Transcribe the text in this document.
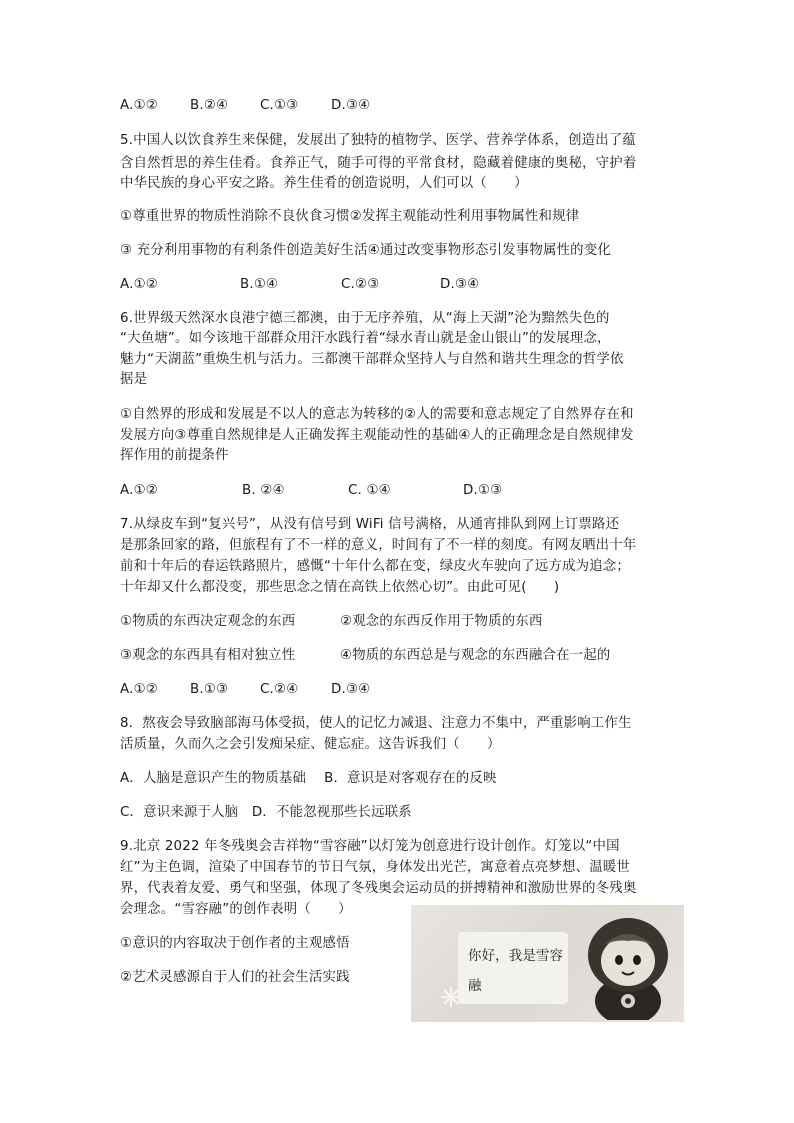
A.①② B.②④ C.①③ D.③④
5.中国人以饮食养生来保健，发展出了独特的植物学、医学、营养学体系，创造出了蕴
含自然哲思的养生佳肴。食养正气，随手可得的平常食材，隐藏着健康的奥秘，守护着
中华民族的身心平安之路。养生佳肴的创造说明，人们可以（　　）
①尊重世界的物质性消除不良伙食习惯②发挥主观能动性利用事物属性和规律
③ 充分利用事物的有利条件创造美好生活④通过改变事物形态引发事物属性的变化
A.①②	B.①④	C.②③	D.③④
6.世界级天然深水良港宁德三都澳，由于无序养殖，从“海上天湖”沦为黯然失色的
“大鱼塘”。如今该地干部群众用汗水践行着“绿水青山就是金山银山”的发展理念，
魅力“天湖蓝”重焕生机与活力。三都澳干部群众坚持人与自然和谐共生理念的哲学依
据是
①自然界的形成和发展是不以人的意志为转移的②人的需要和意志规定了自然界存在和
发展方向③尊重自然规律是人正确发挥主观能动性的基础④人的正确理念是自然规律发
挥作用的前提条件
A.①②	B. ②④	C. ①④	D.①③
7.从绿皮车到“复兴号”，从没有信号到 WiFi 信号满格，从通宵排队到网上订票路还
是那条回家的路，但旅程有了不一样的意义，时间有了不一样的刻度。有网友晒出十年
前和十年后的春运铁路照片，感慨“十年什么都在变，绿皮火车驶向了远方成为追念；
十年却又什么都没变，那些思念之情在高铁上依然心切”。由此可见(　　)
①物质的东西决定观念的东西	②观念的东西反作用于物质的东西
③观念的东西具有相对独立性	④物质的东西总是与观念的东西融合在一起的
A.①② B.①③ C.②④ D.③④
8．熬夜会导致脑部海马体受损，使人的记忆力减退、注意力不集中，严重影响工作生
活质量，久而久之会引发痴呆症、健忘症。这告诉我们（　　）
A．人脑是意识产生的物质基础　 B．意识是对客观存在的反映
C．意识来源于人脑　D．不能忽视那些长远联系
9.北京 2022 年冬残奥会吉祥物“雪容融”以灯笼为创意进行设计创作。灯笼以“中国
红”为主色调，渲染了中国春节的节日气氛，身体发出光芒，寓意着点亮梦想、温暖世
界，代表着友爱、勇气和坚强，体现了冬残奥会运动员的拼搏精神和激励世界的冬残奥
会理念。“雪容融”的创作表明（　　）
①意识的内容取决于创作者的主观感悟
②艺术灵感源自于人们的社会生活实践
你好，我是雪容融
